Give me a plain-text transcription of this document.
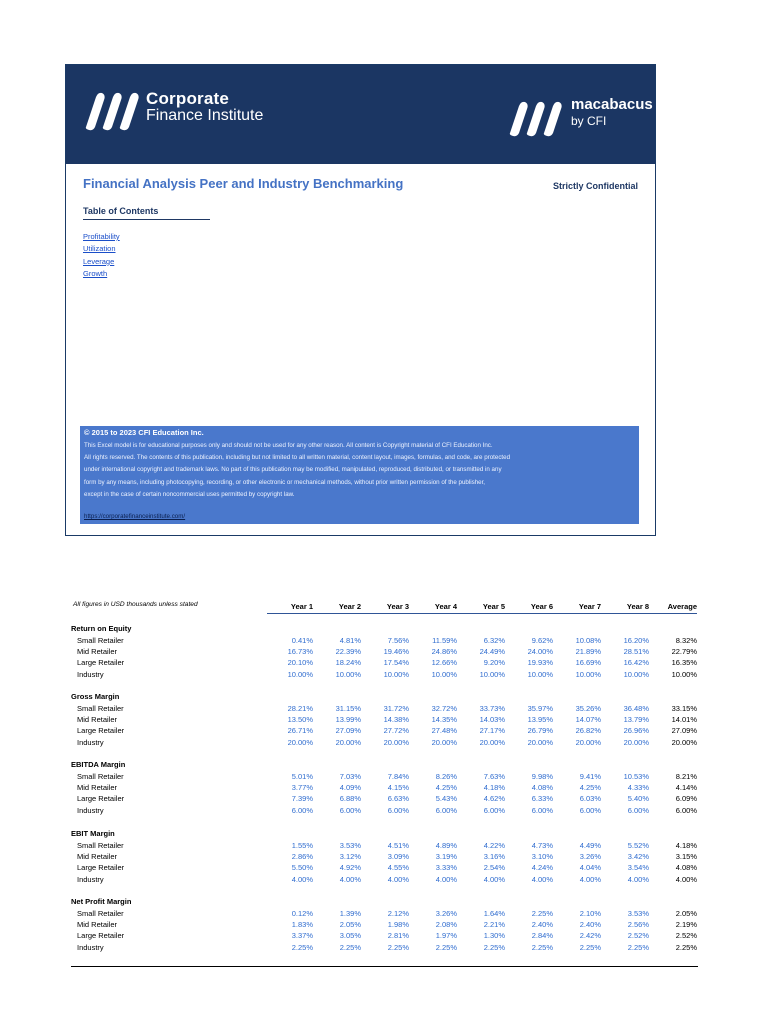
Corporate
Finance Institute
macabacus
by CFI
Financial Analysis Peer and Industry Benchmarking	Strictly Confidential
Table of Contents
Profitability
Utilization
Leverage
Growth
© 2015 to 2023 CFI Education Inc.
This Excel model is for educational purposes only and should not be used for any other reason. All content is Copyright material of CFI Education Inc.
All rights reserved. The contents of this publication, including but not limited to all written material, content layout, images, formulas, and code, are protected
under international copyright and trademark laws. No part of this publication may be modified, manipulated, reproduced, distributed, or transmitted in any
form by any means, including photocopying, recording, or other electronic or mechanical methods, without prior written permission of the publisher,
except in the case of certain noncommercial uses permitted by copyright law.
https://corporatefinanceinstitute.com/
All figures in USD thousands unless stated	Year 1	Year 2	Year 3	Year 4	Year 5	Year 6	Year 7	Year 8	Average
Return on Equity
Small Retailer	0.41%	4.81%	7.56%	11.59%	6.32%	9.62%	10.08%	16.20%	8.32%
Mid Retailer	16.73%	22.39%	19.46%	24.86%	24.49%	24.00%	21.89%	28.51%	22.79%
Large Retailer	20.10%	18.24%	17.54%	12.66%	9.20%	19.93%	16.69%	16.42%	16.35%
Industry	10.00%	10.00%	10.00%	10.00%	10.00%	10.00%	10.00%	10.00%	10.00%
Gross Margin
Small Retailer	28.21%	31.15%	31.72%	32.72%	33.73%	35.97%	35.26%	36.48%	33.15%
Mid Retailer	13.50%	13.99%	14.38%	14.35%	14.03%	13.95%	14.07%	13.79%	14.01%
Large Retailer	26.71%	27.09%	27.72%	27.48%	27.17%	26.79%	26.82%	26.96%	27.09%
Industry	20.00%	20.00%	20.00%	20.00%	20.00%	20.00%	20.00%	20.00%	20.00%
EBITDA Margin
Small Retailer	5.01%	7.03%	7.84%	8.26%	7.63%	9.98%	9.41%	10.53%	8.21%
Mid Retailer	3.77%	4.09%	4.15%	4.25%	4.18%	4.08%	4.25%	4.33%	4.14%
Large Retailer	7.39%	6.88%	6.63%	5.43%	4.62%	6.33%	6.03%	5.40%	6.09%
Industry	6.00%	6.00%	6.00%	6.00%	6.00%	6.00%	6.00%	6.00%	6.00%
EBIT Margin
Small Retailer	1.55%	3.53%	4.51%	4.89%	4.22%	4.73%	4.49%	5.52%	4.18%
Mid Retailer	2.86%	3.12%	3.09%	3.19%	3.16%	3.10%	3.26%	3.42%	3.15%
Large Retailer	5.50%	4.92%	4.55%	3.33%	2.54%	4.24%	4.04%	3.54%	4.08%
Industry	4.00%	4.00%	4.00%	4.00%	4.00%	4.00%	4.00%	4.00%	4.00%
Net Profit Margin
Small Retailer	0.12%	1.39%	2.12%	3.26%	1.64%	2.25%	2.10%	3.53%	2.05%
Mid Retailer	1.83%	2.05%	1.98%	2.08%	2.21%	2.40%	2.40%	2.56%	2.19%
Large Retailer	3.37%	3.05%	2.81%	1.97%	1.30%	2.84%	2.42%	2.52%	2.52%
Industry	2.25%	2.25%	2.25%	2.25%	2.25%	2.25%	2.25%	2.25%	2.25%
